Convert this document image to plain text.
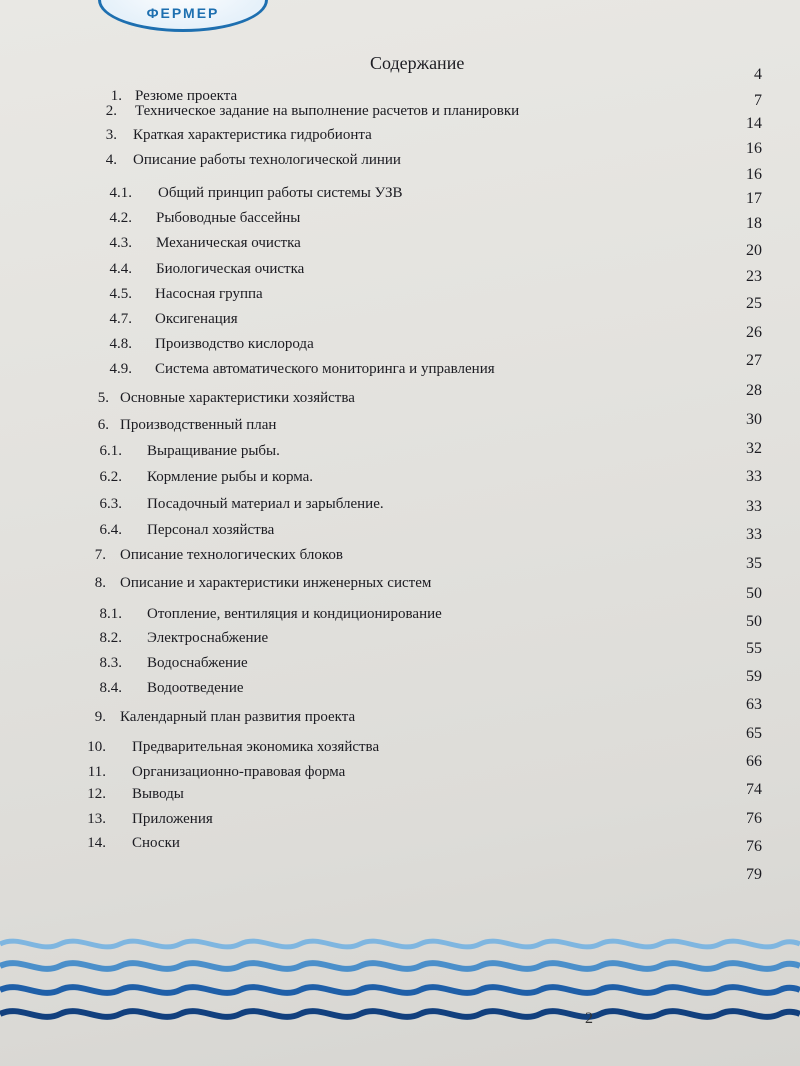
ФЕРМЕР

Содержание
1. Резюме проекта
2. Техническое задание на выполнение расчетов и планировки
3. Краткая характеристика гидробионта
4. Описание работы технологической линии
4.1. Общий принцип работы системы УЗВ
4.2. Рыбоводные бассейны
4.3. Механическая очистка
4.4. Биологическая очистка
4.5. Насосная группа
4.7. Оксигенация
4.8. Производство кислорода
4.9. Система автоматического мониторинга и управления
5. Основные характеристики хозяйства
6. Производственный план
6.1. Выращивание рыбы.
6.2. Кормление рыбы и корма.
6.3. Посадочный материал и зарыбление.
6.4. Персонал хозяйства
7. Описание технологических блоков
8. Описание и характеристики инженерных систем
8.1. Отопление, вентиляция и кондиционирование
8.2. Электроснабжение
8.3. Водоснабжение
8.4. Водоотведение
9. Календарный план развития проекта
10. Предварительная экономика хозяйства
11. Организационно-правовая форма
12. Выводы
13. Приложения
14. Сноски
4
7
14
16
16
17
18
20
23
25
26
27
28
30
32
33
33
33
35
50
50
55
59
63
65
66
74
76
76
79
2
